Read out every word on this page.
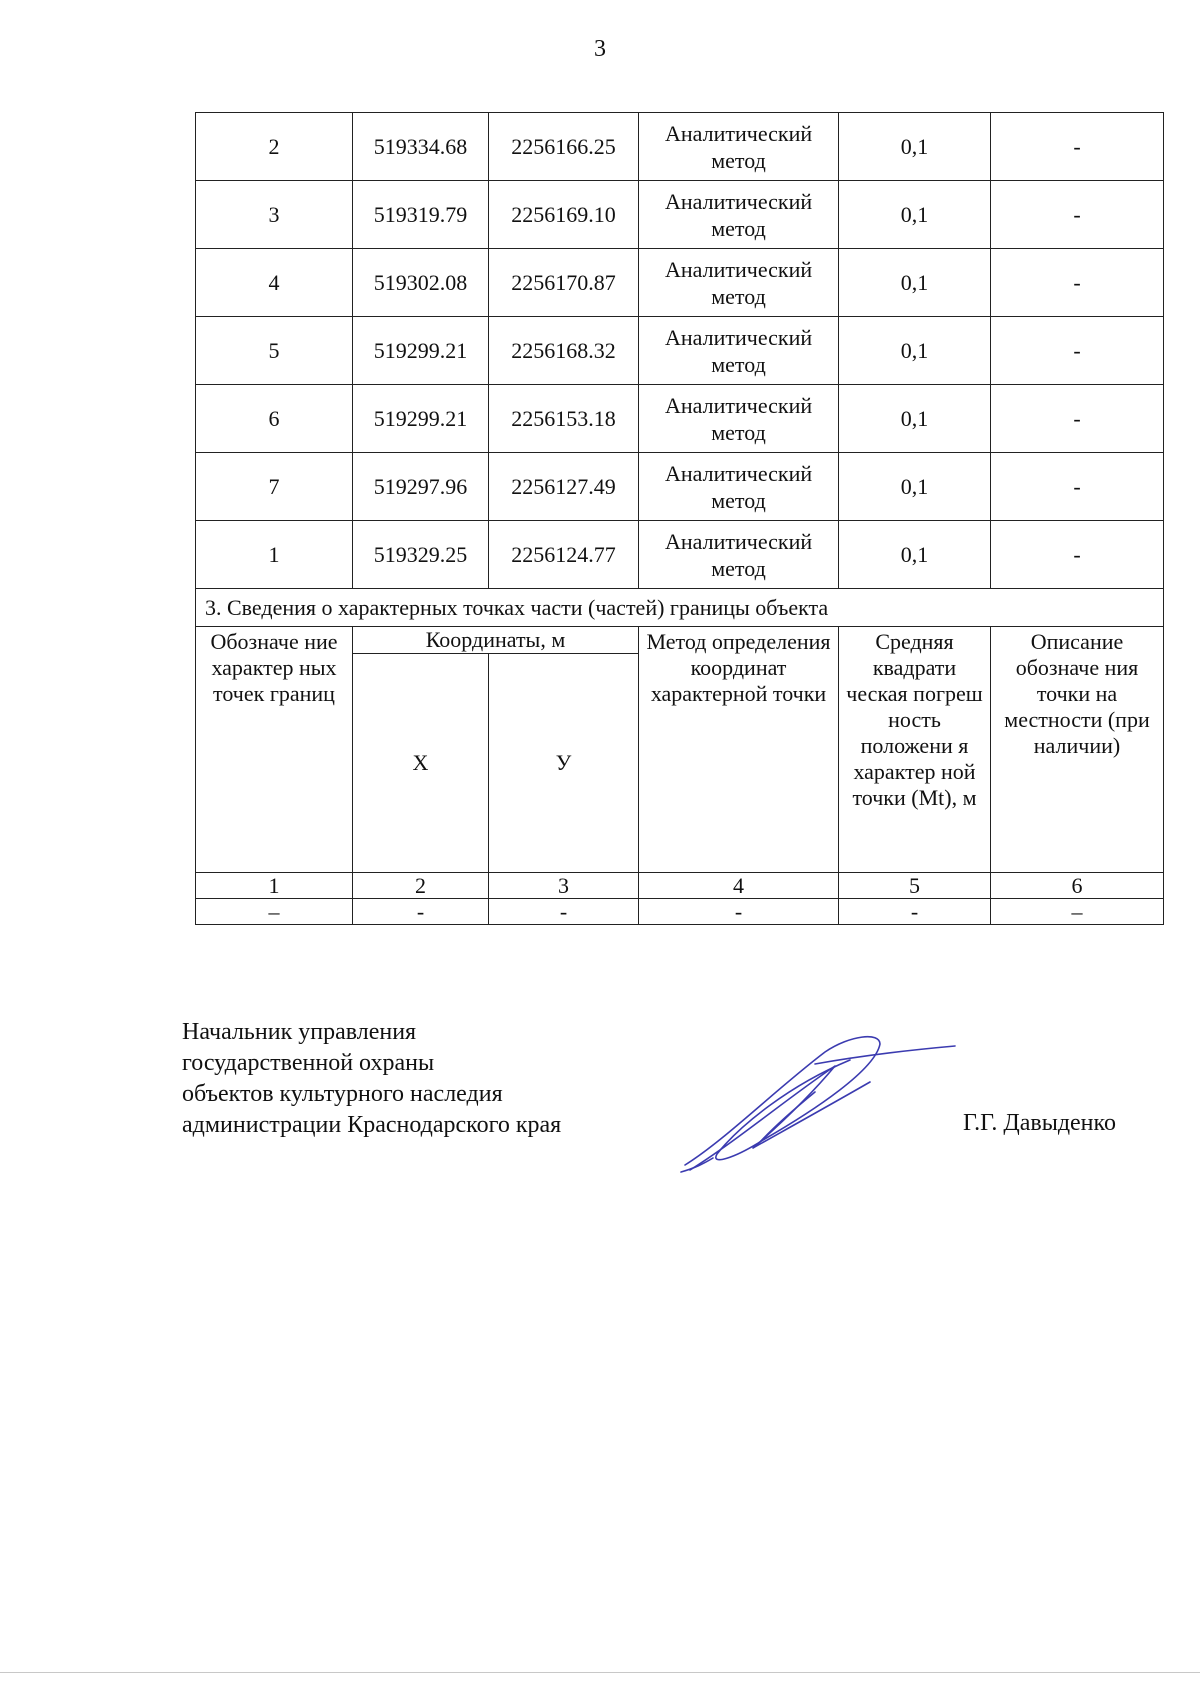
3
2	519334.68	2256166.25	Аналитический метод	0,1	-
3	519319.79	2256169.10	Аналитический метод	0,1	-
4	519302.08	2256170.87	Аналитический метод	0,1	-
5	519299.21	2256168.32	Аналитический метод	0,1	-
6	519299.21	2256153.18	Аналитический метод	0,1	-
7	519297.96	2256127.49	Аналитический метод	0,1	-
1	519329.25	2256124.77	Аналитический метод	0,1	-
3. Сведения о характерных точках части (частей) границы объекта					
Обозначе ние характер ных точек границ	Координаты, м		Метод определения координат характерной точки	Средняя квадрати ческая погреш ность положени я характер ной точки (Mt), м	Описание обозначе ния точки на местности (при наличии)
	Х	У			
1	2	3	4	5	6
–	-	-	-	-	–
Начальник управления
государственной охраны
объектов культурного наследия
администрации Краснодарского края	Г.Г. Давыденко
